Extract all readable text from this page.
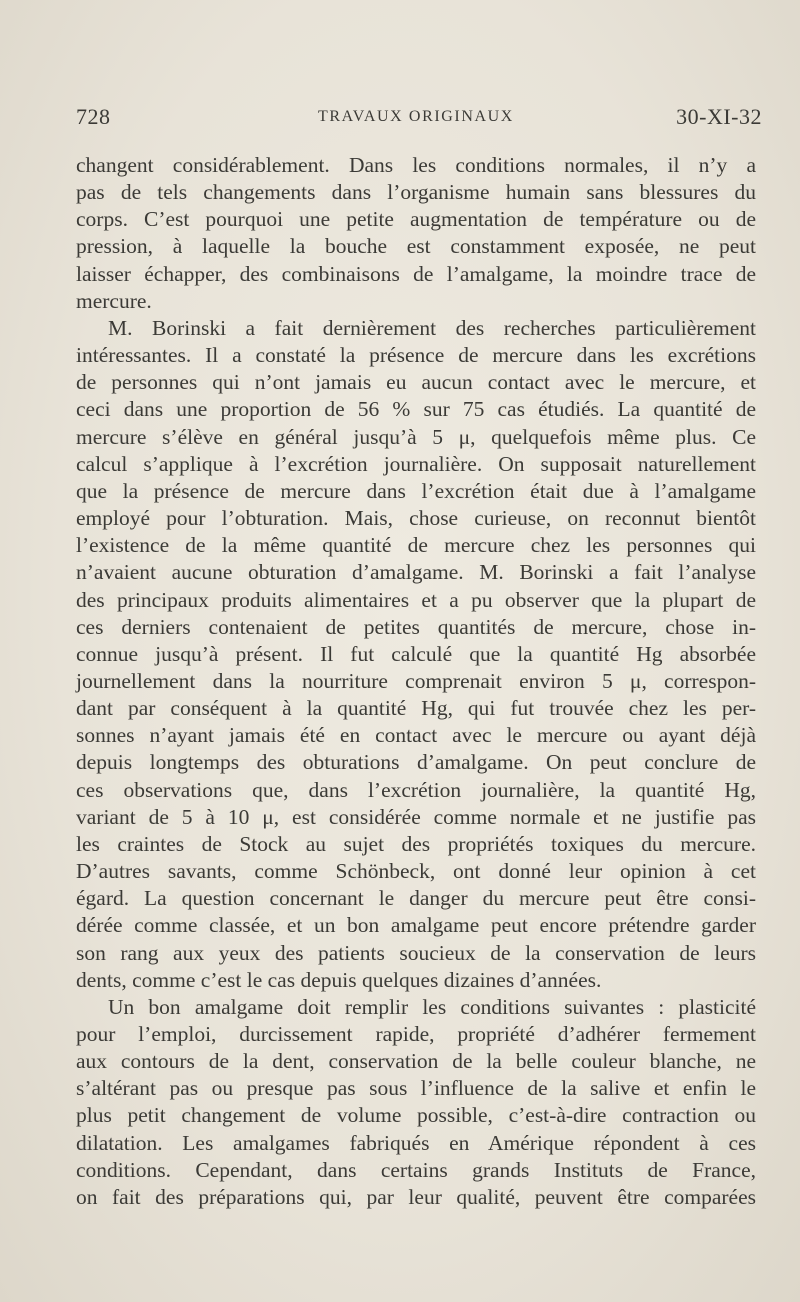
728	TRAVAUX ORIGINAUX	30-XI-32
changent considérablement. Dans les conditions normales, il n’y a
pas de tels changements dans l’organisme humain sans blessures du
corps. C’est pourquoi une petite augmentation de température ou de
pression, à laquelle la bouche est constamment exposée, ne peut
laisser échapper, des combinaisons de l’amalgame, la moindre trace de
mercure.
M. Borinski a fait dernièrement des recherches particulièrement
intéressantes. Il a constaté la présence de mercure dans les excrétions
de personnes qui n’ont jamais eu aucun contact avec le mercure, et
ceci dans une proportion de 56 % sur 75 cas étudiés. La quantité de
mercure s’élève en général jusqu’à 5 μ, quelquefois même plus. Ce
calcul s’applique à l’excrétion journalière. On supposait naturellement
que la présence de mercure dans l’excrétion était due à l’amalgame
employé pour l’obturation. Mais, chose curieuse, on reconnut bientôt
l’existence de la même quantité de mercure chez les personnes qui
n’avaient aucune obturation d’amalgame. M. Borinski a fait l’analyse
des principaux produits alimentaires et a pu observer que la plupart de
ces derniers contenaient de petites quantités de mercure, chose in-
connue jusqu’à présent. Il fut calculé que la quantité Hg absorbée
journellement dans la nourriture comprenait environ 5 μ, correspon-
dant par conséquent à la quantité Hg, qui fut trouvée chez les per-
sonnes n’ayant jamais été en contact avec le mercure ou ayant déjà
depuis longtemps des obturations d’amalgame. On peut conclure de
ces observations que, dans l’excrétion journalière, la quantité Hg,
variant de 5 à 10 μ, est considérée comme normale et ne justifie pas
les craintes de Stock au sujet des propriétés toxiques du mercure.
D’autres savants, comme Schönbeck, ont donné leur opinion à cet
égard. La question concernant le danger du mercure peut être consi-
dérée comme classée, et un bon amalgame peut encore prétendre garder
son rang aux yeux des patients soucieux de la conservation de leurs
dents, comme c’est le cas depuis quelques dizaines d’années.
Un bon amalgame doit remplir les conditions suivantes : plasticité
pour l’emploi, durcissement rapide, propriété d’adhérer fermement
aux contours de la dent, conservation de la belle couleur blanche, ne
s’altérant pas ou presque pas sous l’influence de la salive et enfin le
plus petit changement de volume possible, c’est-à-dire contraction ou
dilatation. Les amalgames fabriqués en Amérique répondent à ces
conditions. Cependant, dans certains grands Instituts de France,
on fait des préparations qui, par leur qualité, peuvent être comparées
